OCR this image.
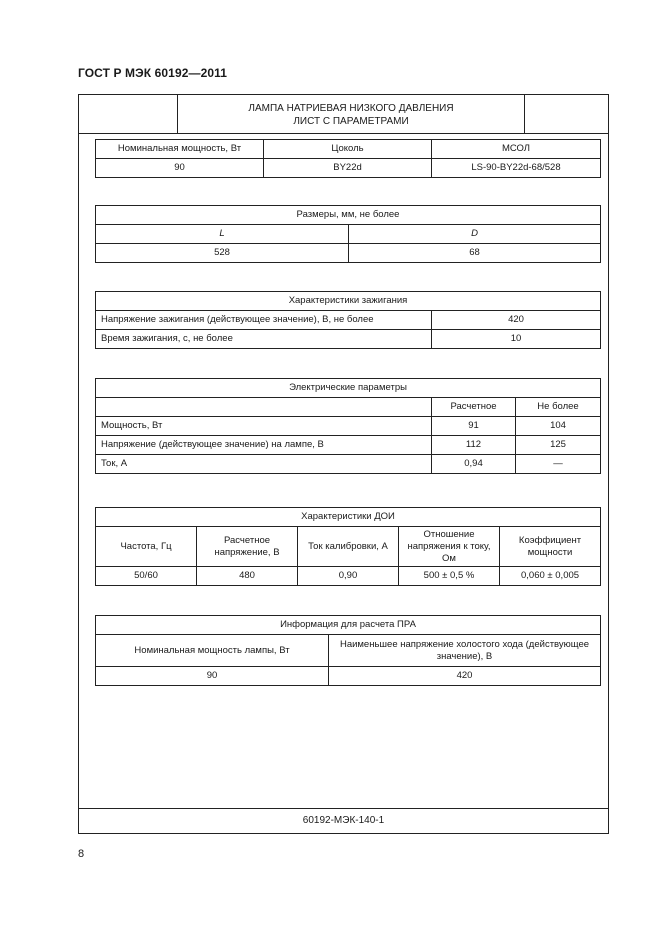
ГОСТ Р МЭК 60192—2011
ЛАМПА НАТРИЕВАЯ НИЗКОГО ДАВЛЕНИЯ
ЛИСТ С ПАРАМЕТРАМИ
60192-МЭК-140-1
Номинальная мощность, Вт	Цоколь	МСОЛ
90	BY22d	LS-90-BY22d-68/528
Размеры, мм, не более	
L	D
528	68
Характеристики зажигания	
Напряжение зажигания (действующее значение), В, не более	420
Время зажигания, с, не более	10
Электрические параметры		
	Расчетное	Не более
Мощность, Вт	91	104
Напряжение (действующее значение) на лампе, В	112	125
Ток, А	0,94	—
Характеристики ДОИ				
Частота, Гц	Расчетное напряжение, В	Ток калибровки, А	Отношение напряжения к току, Ом	Коэффициент мощности
50/60	480	0,90	500 ± 0,5 %	0,060 ± 0,005
Информация для расчета ПРА	
Номинальная мощность лампы, Вт	Наименьшее напряжение холостого хода (действующее значение), В
90	420
8
